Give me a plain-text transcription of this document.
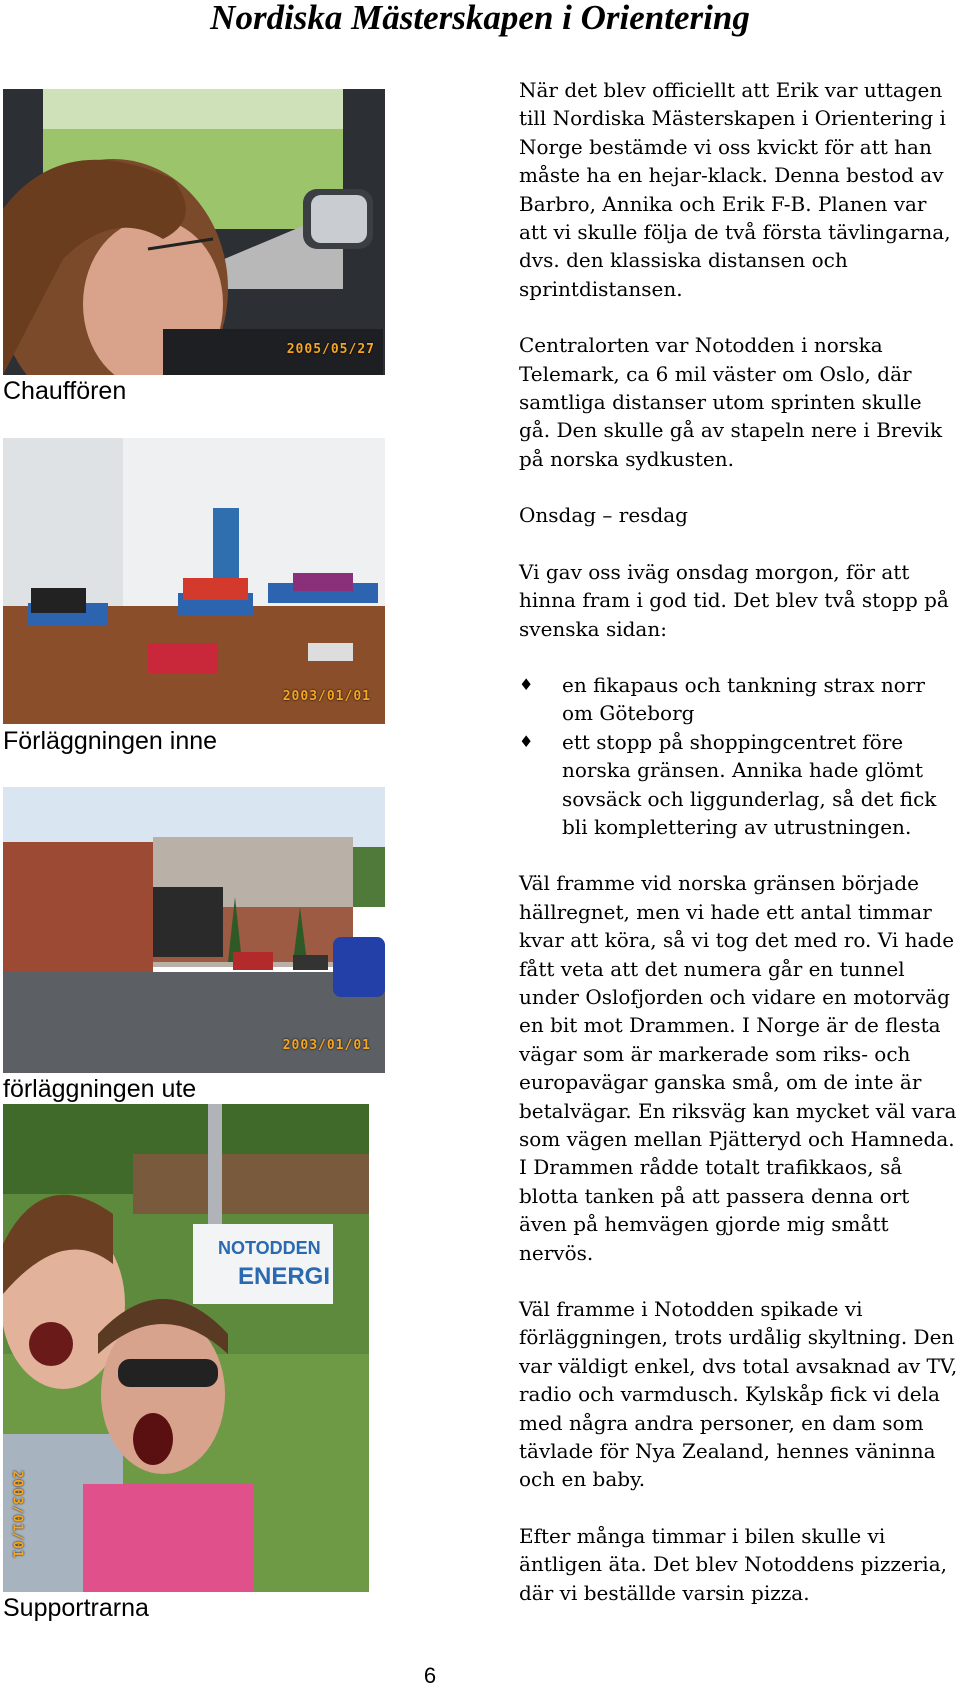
Nordiska Mästerskapen i Orientering
2005/05/27
Chauffören
2003/01/01
Förläggningen inne
2003/01/01
förläggningen ute
NOTODDEN
ENERGI
2003/01/01
Supportrarna

När det blev officiellt att Erik var uttagen till Nordiska Mästerskapen i Orientering i Norge bestämde vi oss kvickt för att han måste ha en hejar-klack. Denna bestod av Barbro, Annika och Erik F-B. Planen var att vi skulle följa de två första tävlingarna, dvs. den klassiska distansen och sprintdistansen.

Centralorten var Notodden i norska Telemark, ca 6 mil väster om Oslo, där samtliga distanser utom sprinten skulle gå. Den skulle gå av stapeln nere i Brevik på norska sydkusten.

Onsdag – resdag

Vi gav oss iväg onsdag morgon, för att hinna fram i god tid. Det blev två stopp på svenska sidan:

♦ en fikapaus och tankning strax norr om Göteborg
♦ ett stopp på shoppingcentret före norska gränsen. Annika hade glömt sovsäck och liggunderlag, så det fick bli komplettering av utrustningen.

Väl framme vid norska gränsen började hällregnet, men vi hade ett antal timmar kvar att köra, så vi tog det med ro. Vi hade fått veta att det numera går en tunnel under Oslofjorden och vidare en motorväg en bit mot Drammen. I Norge är de flesta vägar som är markerade som riks- och europavägar ganska små, om de inte är betalvägar. En riksväg kan mycket väl vara som vägen mellan Pjätteryd och Hamneda. I Drammen rådde totalt trafikkaos, så blotta tanken på att passera denna ort även på hemvägen gjorde mig smått nervös.

Väl framme i Notodden spikade vi förläggningen, trots urdålig skyltning. Den var väldigt enkel, dvs total avsaknad av TV, radio och varmdusch. Kylskåp fick vi dela med några andra personer, en dam som tävlade för Nya Zealand, hennes väninna och en baby.

Efter många timmar i bilen skulle vi äntligen äta. Det blev Notoddens pizzeria, där vi beställde varsin pizza.

6
